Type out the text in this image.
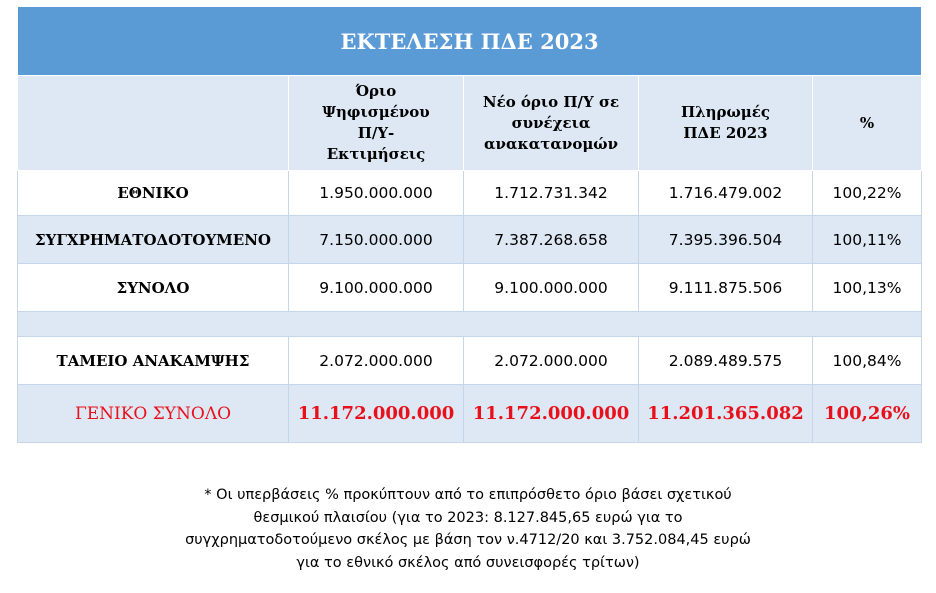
ΕΚΤΕΛΕΣΗ ΠΔΕ 2023				

	Όριο Ψηφισμένου Π/Υ-Εκτιμήσεις	Νέο όριο Π/Υ σε συνέχεια ανακατανομών	Πληρωμές ΠΔΕ 2023	%
ΕΘΝΙΚΟ	1.950.000.000	1.712.731.342	1.716.479.002	100,22%
ΣΥΓΧΡΗΜΑΤΟΔΟΤΟΥΜΕΝΟ	7.150.000.000	7.387.268.658	7.395.396.504	100,11%
ΣΥΝΟΛΟ	9.100.000.000	9.100.000.000	9.111.875.506	100,13%

ΤΑΜΕΙΟ ΑΝΑΚΑΜΨΗΣ	2.072.000.000	2.072.000.000	2.089.489.575	100,84%
ΓΕΝΙΚΟ ΣΥΝΟΛΟ	11.172.000.000	11.172.000.000	11.201.365.082	100,26%
* Οι υπερβάσεις % προκύπτουν από το επιπρόσθετο όριο βάσει σχετικού
θεσμικού πλαισίου (για το 2023: 8.127.845,65 ευρώ για το
συγχρηματοδοτούμενο σκέλος με βάση τον ν.4712/20 και 3.752.084,45 ευρώ
για το εθνικό σκέλος από συνεισφορές τρίτων)
